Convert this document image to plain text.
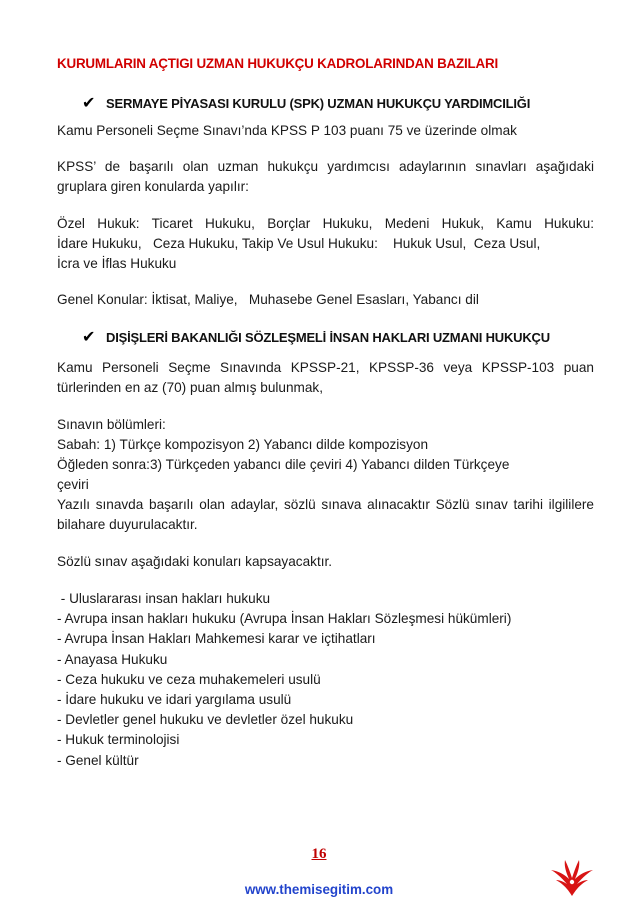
KURUMLARIN AÇTIGI UZMAN HUKUKÇU KADROLARINDAN BAZILARI
✔ SERMAYE PİYASASI KURULU (SPK) UZMAN HUKUKÇU YARDIMCILIĞI
Kamu Personeli Seçme Sınavı’nda KPSS P 103 puanı 75 ve üzerinde olmak
KPSS’ de başarılı olan uzman hukukçu yardımcısı adaylarının sınavları aşağıdaki gruplara giren konularda yapılır:
Özel Hukuk: Ticaret Hukuku, Borçlar Hukuku, Medeni Hukuk, Kamu Hukuku:
İdare Hukuku,   Ceza Hukuku, Takip Ve Usul Hukuku:    Hukuk Usul,  Ceza Usul,
İcra ve İflas Hukuku
Genel Konular: İktisat, Maliye,   Muhasebe Genel Esasları, Yabancı dil
✔ DIŞİŞLERİ BAKANLIĞI SÖZLEŞMELİ İNSAN HAKLARI UZMANI HUKUKÇU
Kamu Personeli Seçme Sınavında KPSSP-21, KPSSP-36 veya KPSSP-103 puan türlerinden en az (70) puan almış bulunmak,
Sınavın bölümleri:
Sabah: 1) Türkçe kompozisyon 2) Yabancı dilde kompozisyon
Öğleden sonra:3) Türkçeden yabancı dile çeviri 4) Yabancı dilden Türkçeye
çeviri
Yazılı sınavda başarılı olan adaylar, sözlü sınava alınacaktır Sözlü sınav tarihi ilgililere bilahare duyurulacaktır.
Sözlü sınav aşağıdaki konuları kapsayacaktır.
- Uluslararası insan hakları hukuku
- Avrupa insan hakları hukuku (Avrupa İnsan Hakları Sözleşmesi hükümleri)
- Avrupa İnsan Hakları Mahkemesi karar ve içtihatları
- Anayasa Hukuku
- Ceza hukuku ve ceza muhakemeleri usulü
- İdare hukuku ve idari yargılama usulü
- Devletler genel hukuku ve devletler özel hukuku
- Hukuk terminolojisi
- Genel kültür
16
www.themisegitim.com
